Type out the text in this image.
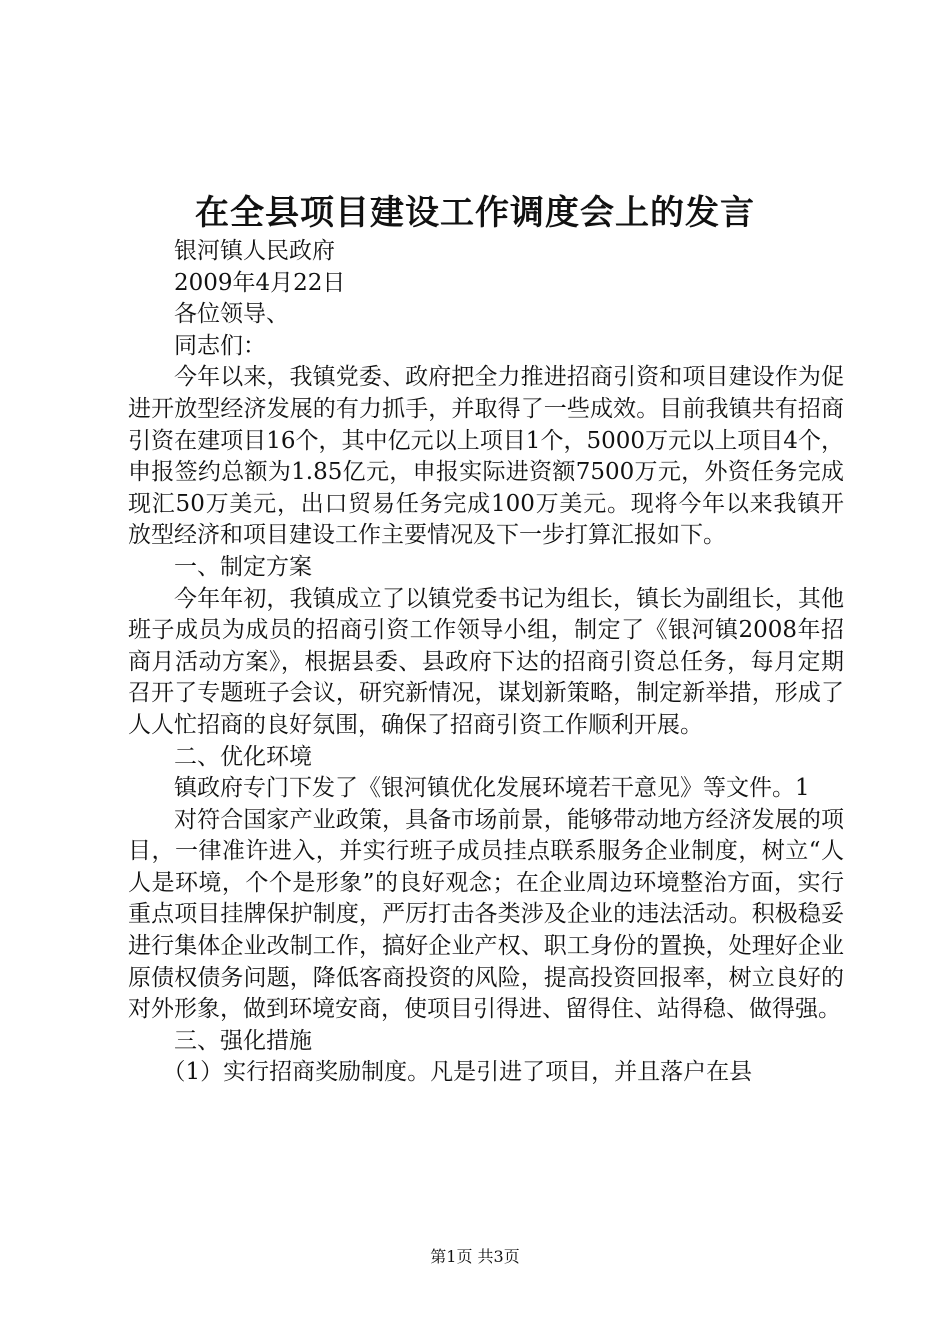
在全县项目建设工作调度会上的发言

银河镇人民政府

2009年4月22日

各位领导、

同志们：

今年以来，我镇党委、政府把全力推进招商引资和项目建设作为促进开放型经济发展的有力抓手，并取得了一些成效。目前我镇共有招商引资在建项目16个，其中亿元以上项目1个，5000万元以上项目4个，申报签约总额为1.85亿元，申报实际进资额7500万元，外资任务完成现汇50万美元，出口贸易任务完成100万美元。现将今年以来我镇开放型经济和项目建设工作主要情况及下一步打算汇报如下。

一、制定方案

今年年初，我镇成立了以镇党委书记为组长，镇长为副组长，其他班子成员为成员的招商引资工作领导小组，制定了《银河镇2008年招商月活动方案》，根据县委、县政府下达的招商引资总任务，每月定期召开了专题班子会议，研究新情况，谋划新策略，制定新举措，形成了人人忙招商的良好氛围，确保了招商引资工作顺利开展。

二、优化环境

镇政府专门下发了《银河镇优化发展环境若干意见》等文件。1

对符合国家产业政策，具备市场前景，能够带动地方经济发展的项目，一律准许进入，并实行班子成员挂点联系服务企业制度，树立“人人是环境，个个是形象”的良好观念；在企业周边环境整治方面，实行重点项目挂牌保护制度，严厉打击各类涉及企业的违法活动。积极稳妥进行集体企业改制工作，搞好企业产权、职工身份的置换，处理好企业原债权债务问题，降低客商投资的风险，提高投资回报率，树立良好的对外形象，做到环境安商，使项目引得进、留得住、站得稳、做得强。

三、强化措施

（1）实行招商奖励制度。凡是引进了项目，并且落户在县

第1页 共3页
